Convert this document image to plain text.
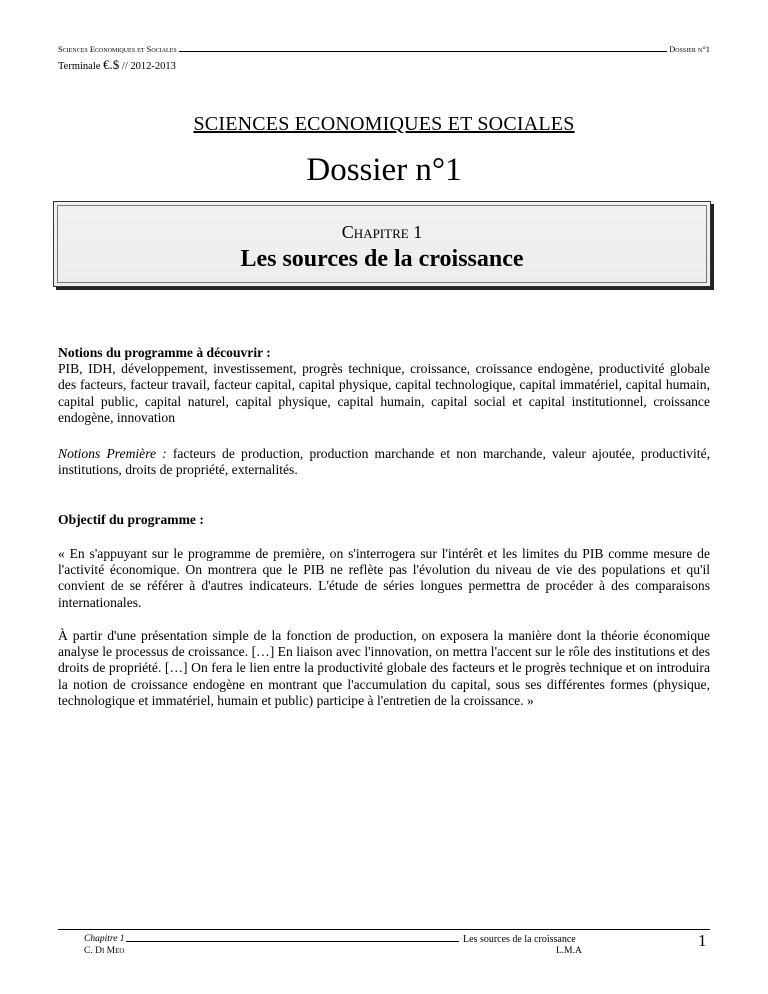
Sciences Economiques et Sociales	Dossier n°1
Terminale €.$ // 2012-2013
SCIENCES ECONOMIQUES ET SOCIALES
Dossier n°1
Chapitre 1
Les sources de la croissance

Notions du programme à découvrir :

PIB, IDH, développement, investissement, progrès technique, croissance, croissance endogène, productivité globale des facteurs, facteur travail, facteur capital, capital physique, capital technologique, capital immatériel, capital humain, capital public, capital naturel, capital physique, capital humain, capital social et capital institutionnel, croissance endogène, innovation

Notions Première : facteurs de production, production marchande et non marchande, valeur ajoutée, productivité, institutions, droits de propriété, externalités.

Objectif du programme :

« En s'appuyant sur le programme de première, on s'interrogera sur l'intérêt et les limites du PIB comme mesure de l'activité économique. On montrera que le PIB ne reflète pas l'évolution du niveau de vie des populations et qu'il convient de se référer à d'autres indicateurs. L'étude de séries longues permettra de procéder à des comparaisons internationales.

À partir d'une présentation simple de la fonction de production, on exposera la manière dont la théorie économique analyse le processus de croissance. […] En liaison avec l'innovation, on mettra l'accent sur le rôle des institutions et des droits de propriété. […] On fera le lien entre la productivité globale des facteurs et le progrès technique et on introduira la notion de croissance endogène en montrant que l'accumulation du capital, sous ses différentes formes (physique, technologique et immatériel, humain et public) participe à l'entretien de la croissance. »

Chapitre 1	Les sources de la croissance
C. Di Meo	L.M.A
1
